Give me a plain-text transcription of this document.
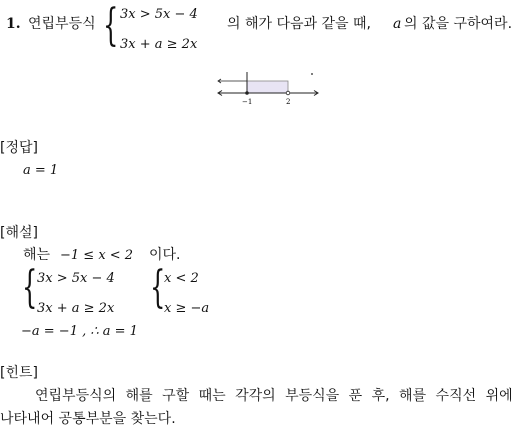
1. 연립부등식 { 3x > 5x − 4
3x + a ≥ 2x
의 해가 다음과 같을 때, a 의 값을 구하여라.
−1	2
[정답]
a = 1
[해설]
해는 −1 ≤ x < 2 이다.
{ 3x > 5x − 4
3x + a ≥ 2x {
x < 2
x ≥ −a
−a = −1 , ∴ a = 1
[힌트]
연립부등식의 해를 구할 때는 각각의 부등식을 푼 후, 해를 수직선 위에
나타내어 공통부분을 찾는다.
